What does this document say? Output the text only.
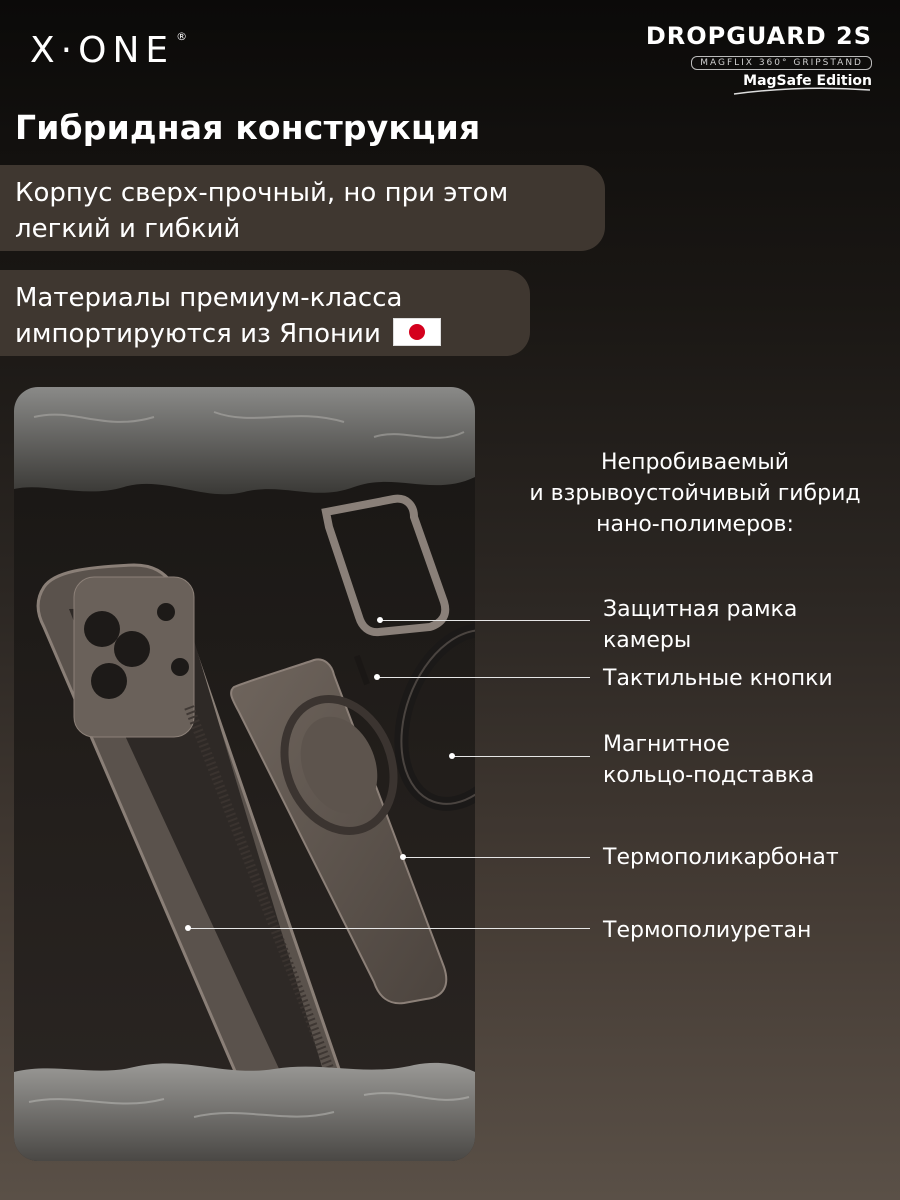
X·ONE ®	DROPGUARD 2S
MAGFLIX 360° GRIPSTAND
MagSafe Edition
Гибридная конструкция
Корпус сверх-прочный, но при этом
легкий и гибкий
Материалы премиум-класса
импортируются из Японии
Непробиваемый
и взрывоустойчивый гибрид
нано-полимеров:
Защитная рамка
камеры
Тактильные кнопки
Магнитное
кольцо-подставка
Термополикарбонат
Термополиуретан
